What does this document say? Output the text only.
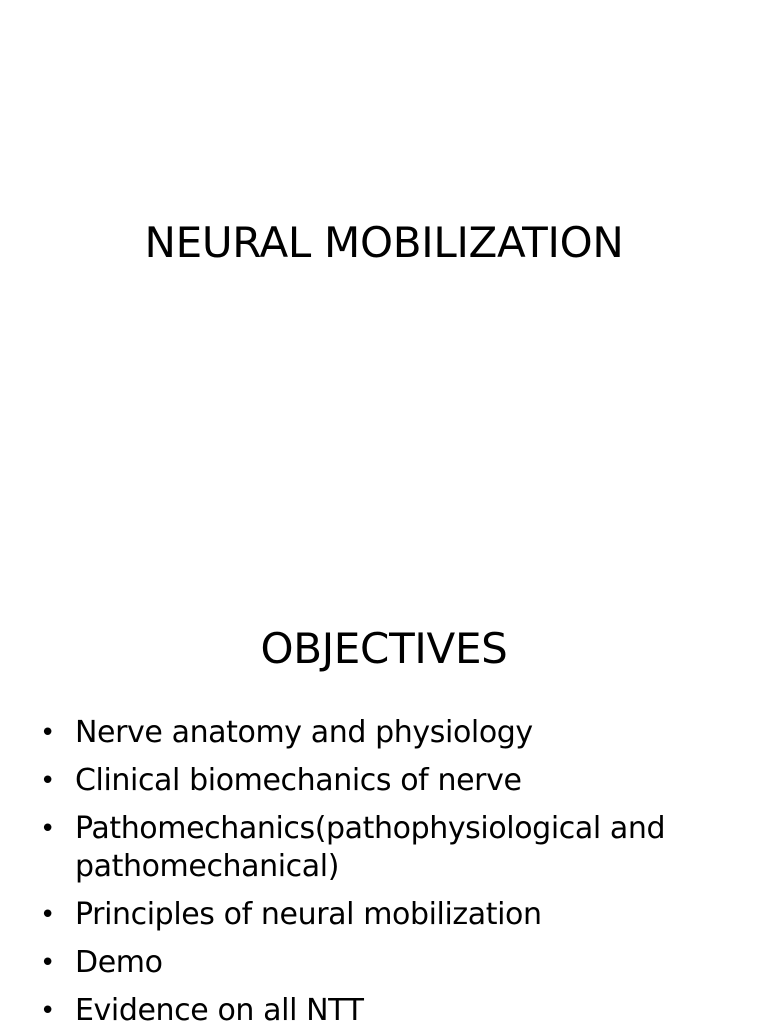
NEURAL MOBILIZATION
OBJECTIVES
• Nerve anatomy and physiology
• Clinical biomechanics of nerve
• Pathomechanics(pathophysiological and pathomechanical)
• Principles of neural mobilization
• Demo
• Evidence on all NTT
